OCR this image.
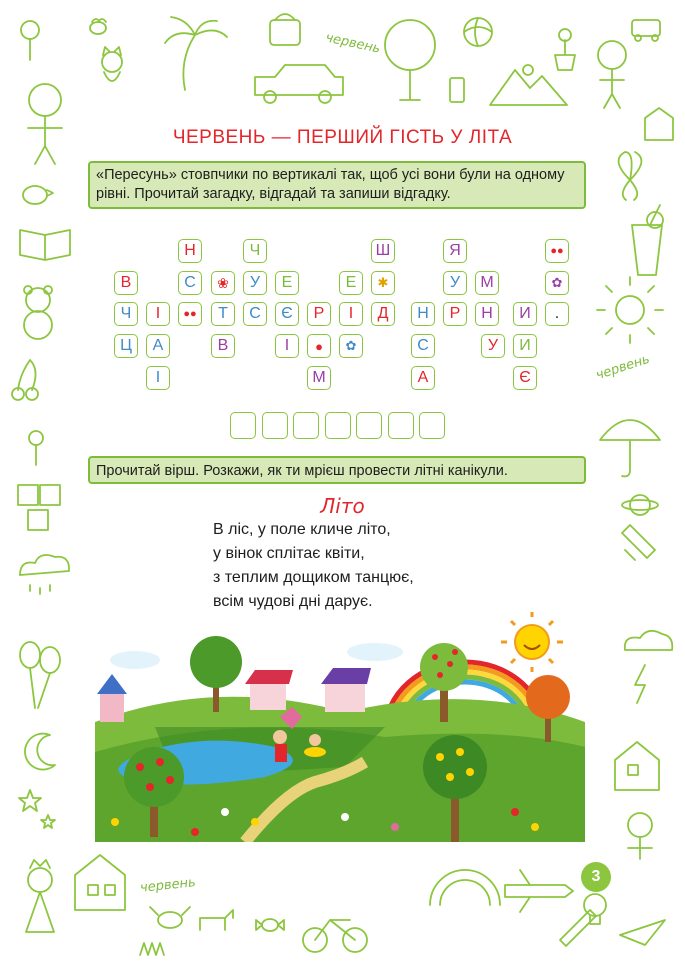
червень
червень
червень
ЧЕРВЕНЬ — ПЕРШИЙ ГІСТЬ У ЛІТА
«Пересунь» стовпчики по вертикалі так, щоб усі вони були на одному рівні. Прочитай загадку, відгадай та запиши відгадку.
В
Ч
Ц
І
А
І
Н
С
●●
❀
Т
В
Ч
У
С
Е
Є
І
Р
●
М
Е
І
✿
Ш
✱
Д	Н
С
Я
У
Р
А
М
Н
У
И
●●
✿
.
И
Є
Прочитай вірш. Розкажи, як ти мрієш провести літні канікули.
Літо
В ліс, у поле кличе літо,
у вінок сплітає квіти,
з теплим дощиком танцює,
всім чудові дні дарує.
3
